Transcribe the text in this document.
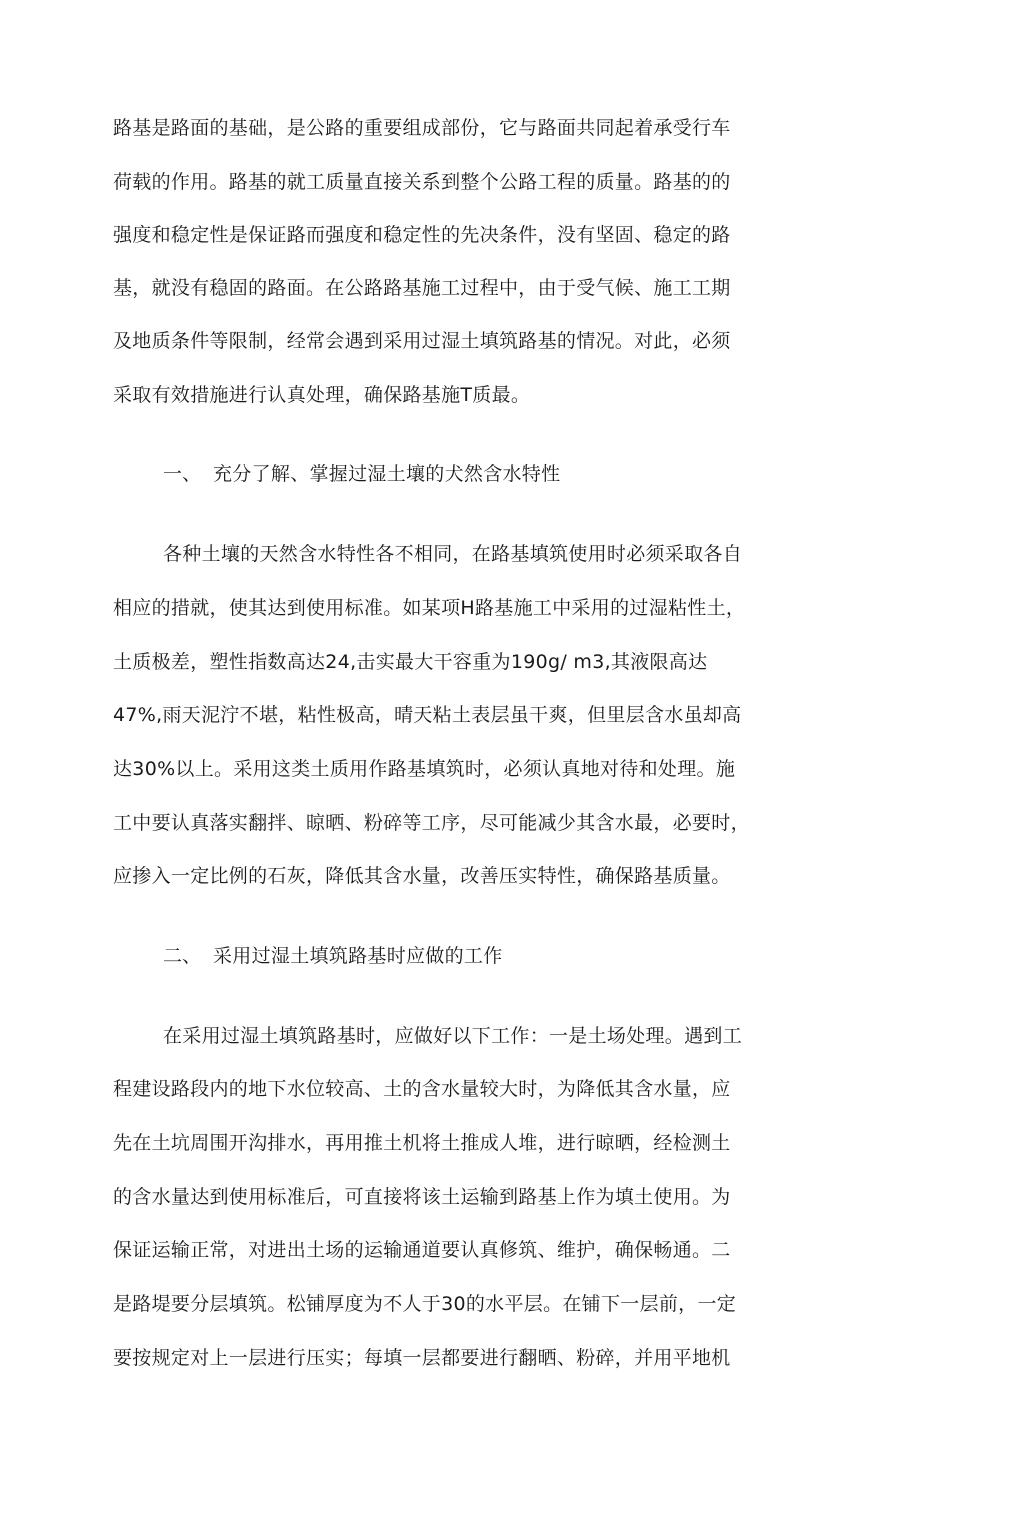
路基是路面的基础，是公路的重要组成部份，它与路面共同起着承受行车
荷载的作用。路基的就工质量直接关系到整个公路工程的质量。路基的的
强度和稳定性是保证路而强度和稳定性的先决条件，没有坚固、稳定的路
基，就没有稳固的路面。在公路路基施工过程中，由于受气候、施工工期
及地质条件等限制，经常会遇到采用过湿土填筑路基的情况。对此，必须
采取有效措施进行认真处理，确保路基施T质最。
一、 充分了解、掌握过湿土壤的犬然含水特性
各种土壤的天然含水特性各不相同，在路基填筑使用时必须采取各自
相应的措就，使其达到使用标准。如某项H路基施工中采用的过湿粘性土，
土质极差，塑性指数高达24,击实最大干容重为190g/ m3,其液限高达
47%,雨天泥泞不堪，粘性极高，晴天粘土表层虽干爽，但里层含水虽却高
达30%以上。采用这类土质用作路基填筑时，必须认真地对待和处理。施
工中要认真落实翻拌、晾晒、粉碎等工序，尽可能减少其含水最，必要时，
应掺入一定比例的石灰，降低其含水量，改善压实特性，确保路基质量。
二、 采用过湿土填筑路基时应做的工作
在采用过湿土填筑路基时，应做好以下工作：一是土场处理。遇到工
程建设路段内的地下水位较高、土的含水量较大时，为降低其含水量，应
先在土坑周围开沟排水，再用推土机将土推成人堆，进行晾晒，经检测土
的含水量达到使用标准后，可直接将该土运输到路基上作为填土使用。为
保证运输正常，对进出土场的运输通道要认真修筑、维护，确保畅通。二
是路堤要分层填筑。松铺厚度为不人于30的水平层。在铺下一层前，一定
要按规定对上一层进行压实；每填一层都要进行翻晒、粉碎，并用平地机
